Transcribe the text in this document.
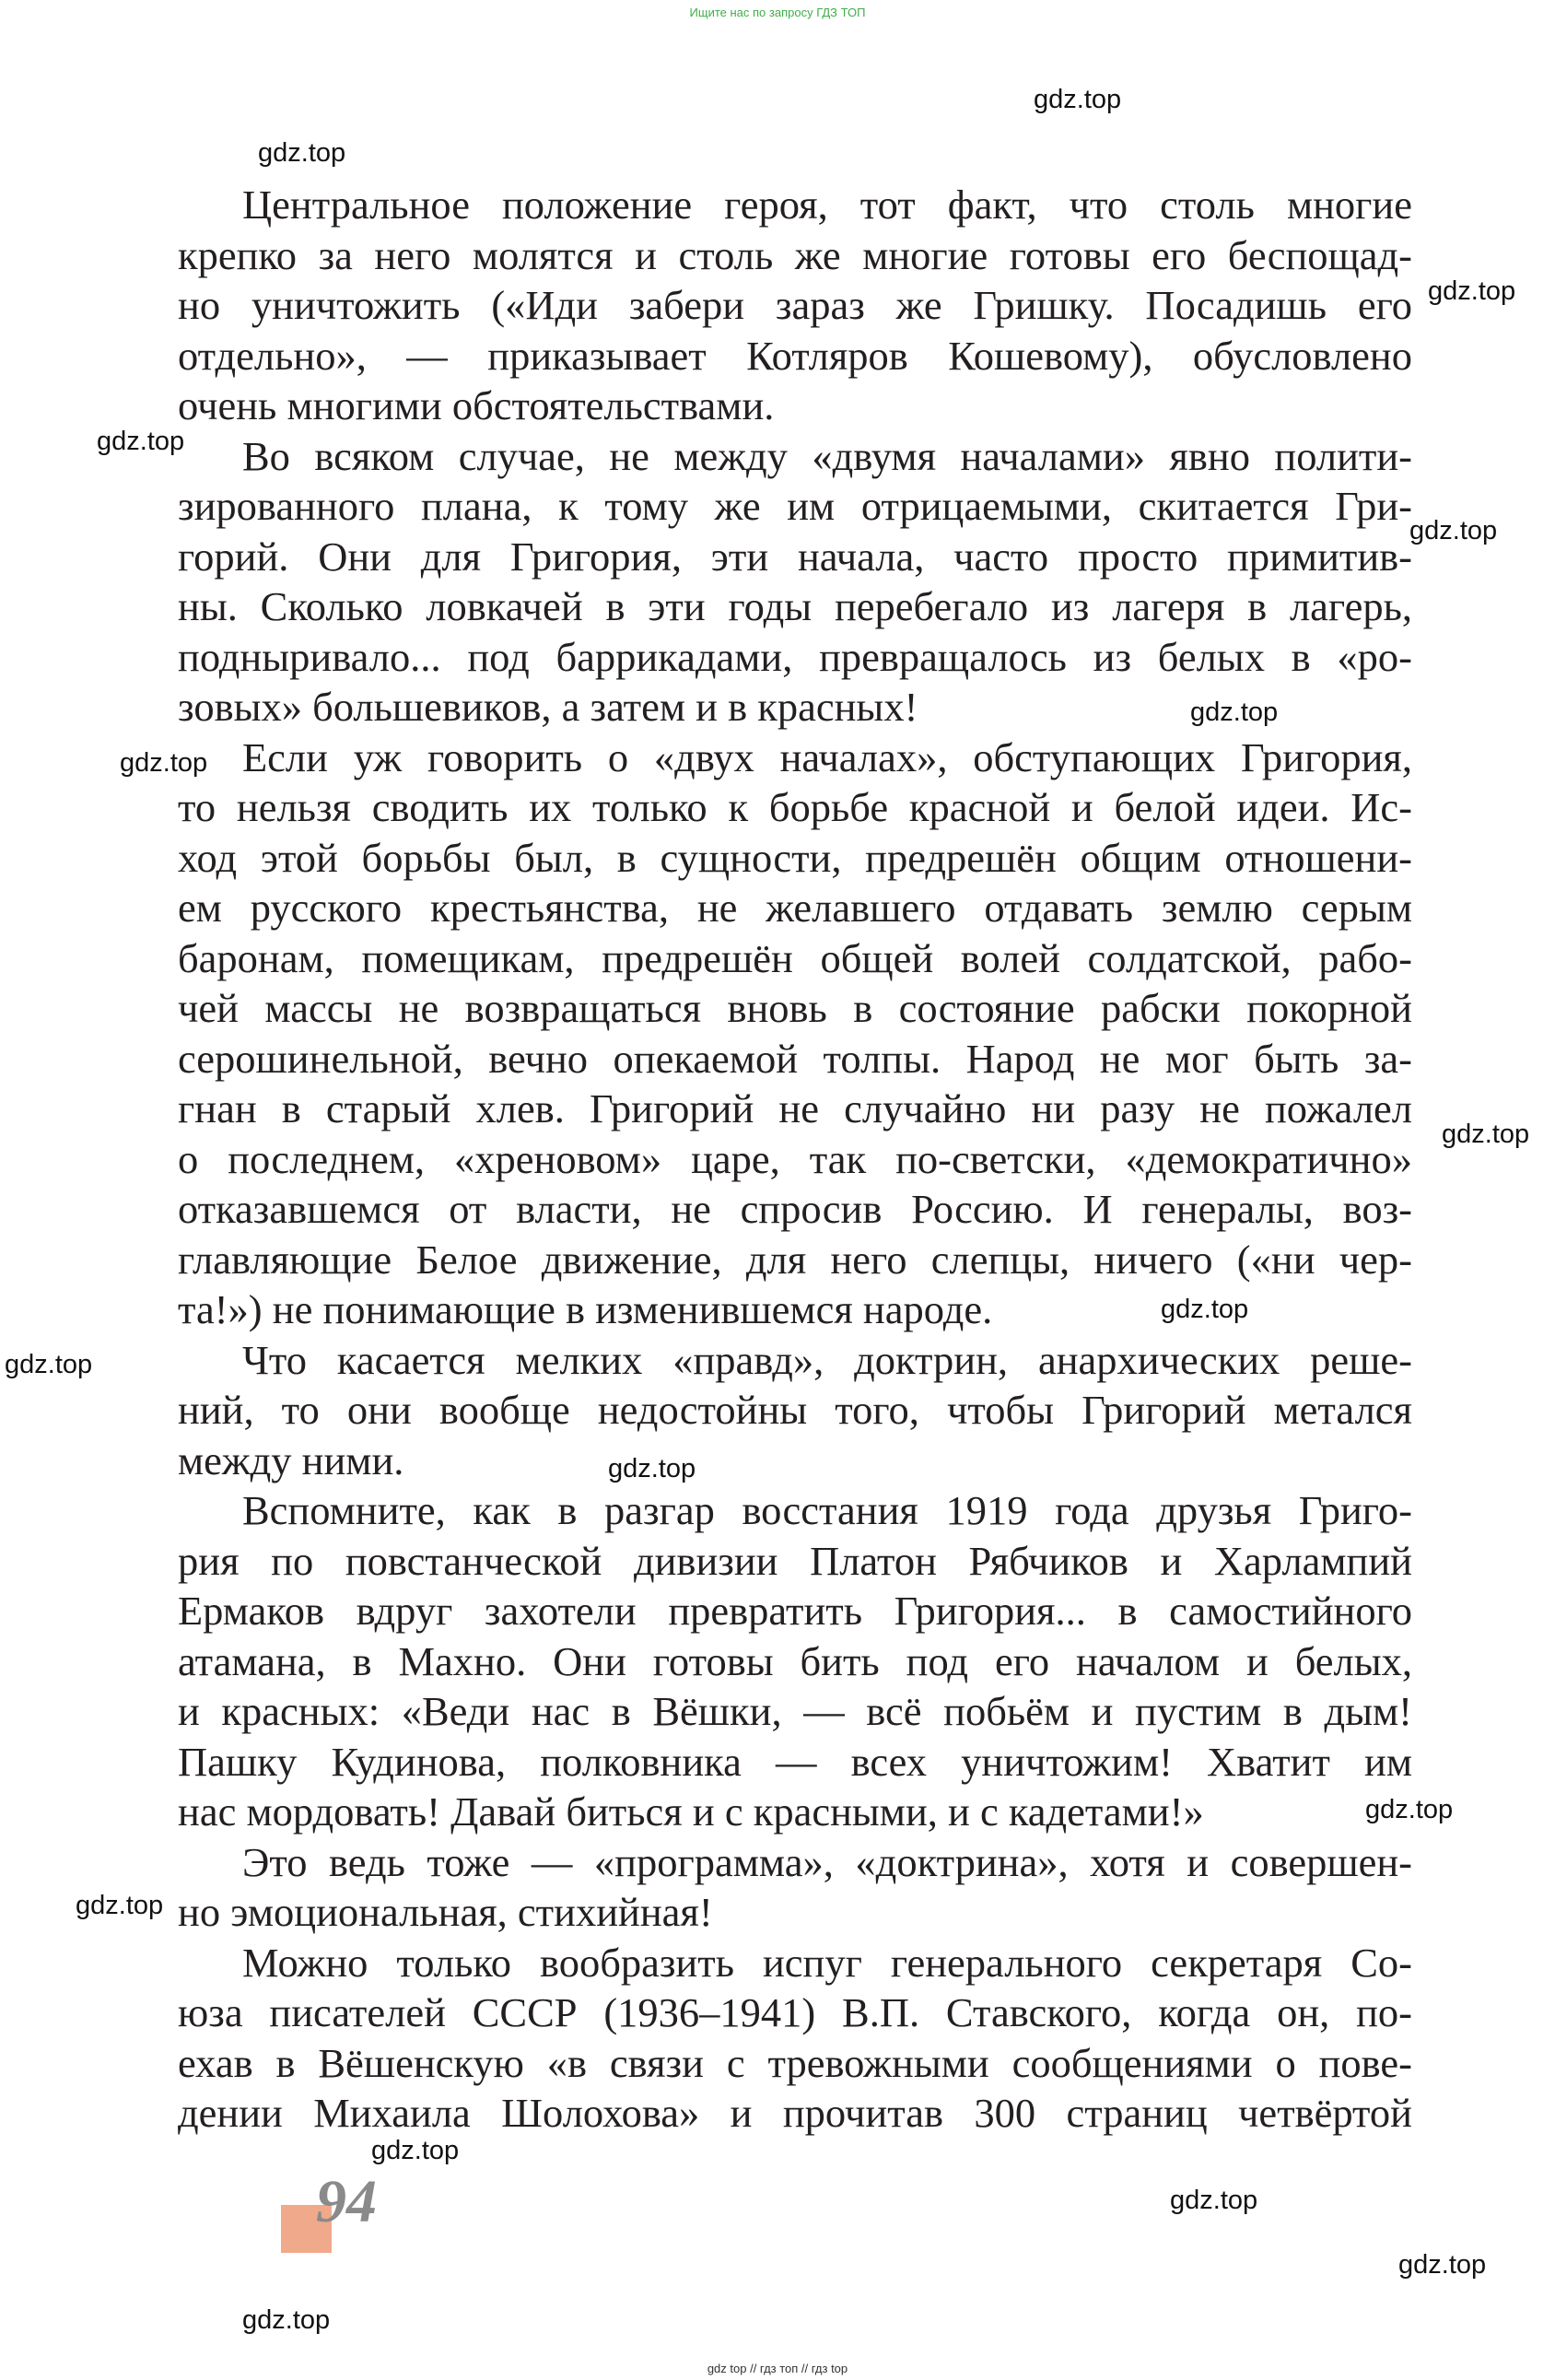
Ищите нас по запросу ГДЗ ТОП
Центральное положение героя, тот факт, что столь многие
крепко за него молятся и столь же многие готовы его беспощад-
но уничтожить («Иди забери зараз же Гришку. Посадишь его
отдельно», — приказывает Котляров Кошевому), обусловлено
очень многими обстоятельствами.
Во всяком случае, не между «двумя началами» явно полити-
зированного плана, к тому же им отрицаемыми, скитается Гри-
горий. Они для Григория, эти начала, часто просто примитив-
ны. Сколько ловкачей в эти годы перебегало из лагеря в лагерь,
подныривало... под баррикадами, превращалось из белых в «ро-
зовых» большевиков, а затем и в красных!
Если уж говорить о «двух началах», обступающих Григория,
то нельзя сводить их только к борьбе красной и белой идеи. Ис-
ход этой борьбы был, в сущности, предрешён общим отношени-
ем русского крестьянства, не желавшего отдавать землю серым
баронам, помещикам, предрешён общей волей солдатской, рабо-
чей массы не возвращаться вновь в состояние рабски покорной
серошинельной, вечно опекаемой толпы. Народ не мог быть за-
гнан в старый хлев. Григорий не случайно ни разу не пожалел
о последнем, «хреновом» царе, так по-светски, «демократично»
отказавшемся от власти, не спросив Россию. И генералы, воз-
главляющие Белое движение, для него слепцы, ничего («ни чер-
та!») не понимающие в изменившемся народе.
Что касается мелких «правд», доктрин, анархических реше-
ний, то они вообще недостойны того, чтобы Григорий метался
между ними.
Вспомните, как в разгар восстания 1919 года друзья Григо-
рия по повстанческой дивизии Платон Рябчиков и Харлампий
Ермаков вдруг захотели превратить Григория... в самостийного
атамана, в Махно. Они готовы бить под его началом и белых,
и красных: «Веди нас в Вёшки, — всё побьём и пустим в дым!
Пашку Кудинова, полковника — всех уничтожим! Хватит им
нас мордовать! Давай биться и с красными, и с кадетами!»
Это ведь тоже — «программа», «доктрина», хотя и совершен-
но эмоциональная, стихийная!
Можно только вообразить испуг генерального секретаря Со-
юза писателей СССР (1936–1941) В.П. Ставского, когда он, по-
ехав в Вёшенскую «в связи с тревожными сообщениями о пове-
дении Михаила Шолохова» и прочитав 300 страниц четвёртой
gdz.top
gdz.top
gdz.top
gdz.top
gdz.top
gdz.top
gdz.top
gdz.top
gdz.top
gdz.top
gdz.top
gdz.top
gdz.top
gdz.top
gdz.top
gdz.top
gdz.top
94
gdz top // гдз топ // гдз top
